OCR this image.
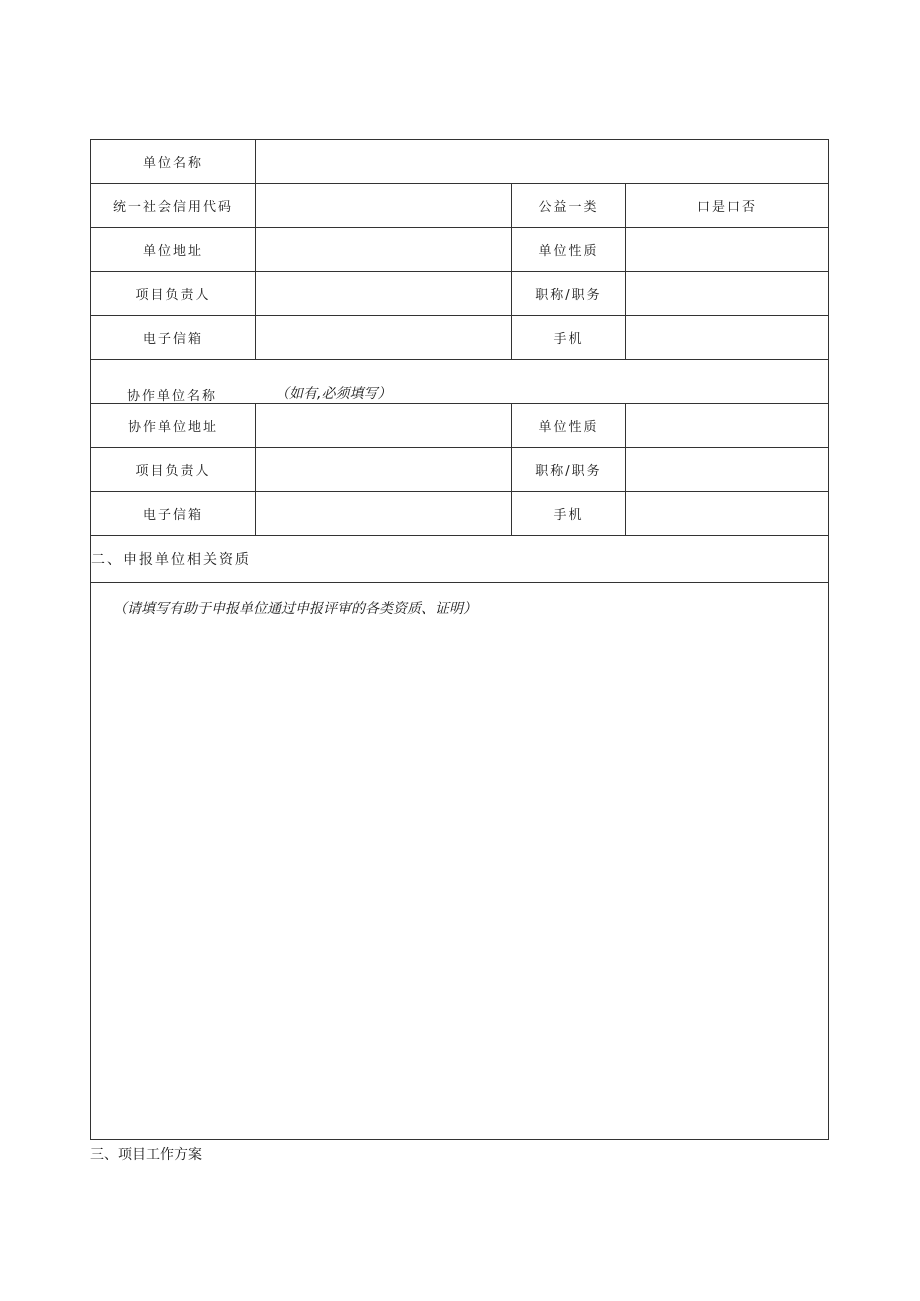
单位名称
统一社会信用代码	公益一类	口是口否
单位地址	单位性质
项目负责人	职称/职务
电子信箱	手机
协作单位名称	（如有,必须填写）
协作单位地址	单位性质
项目负责人	职称/职务
电子信箱	手机
二、申报单位相关资质
（请填写有助于申报单位通过申报评审的各类资质、证明）
三、项目工作方案
